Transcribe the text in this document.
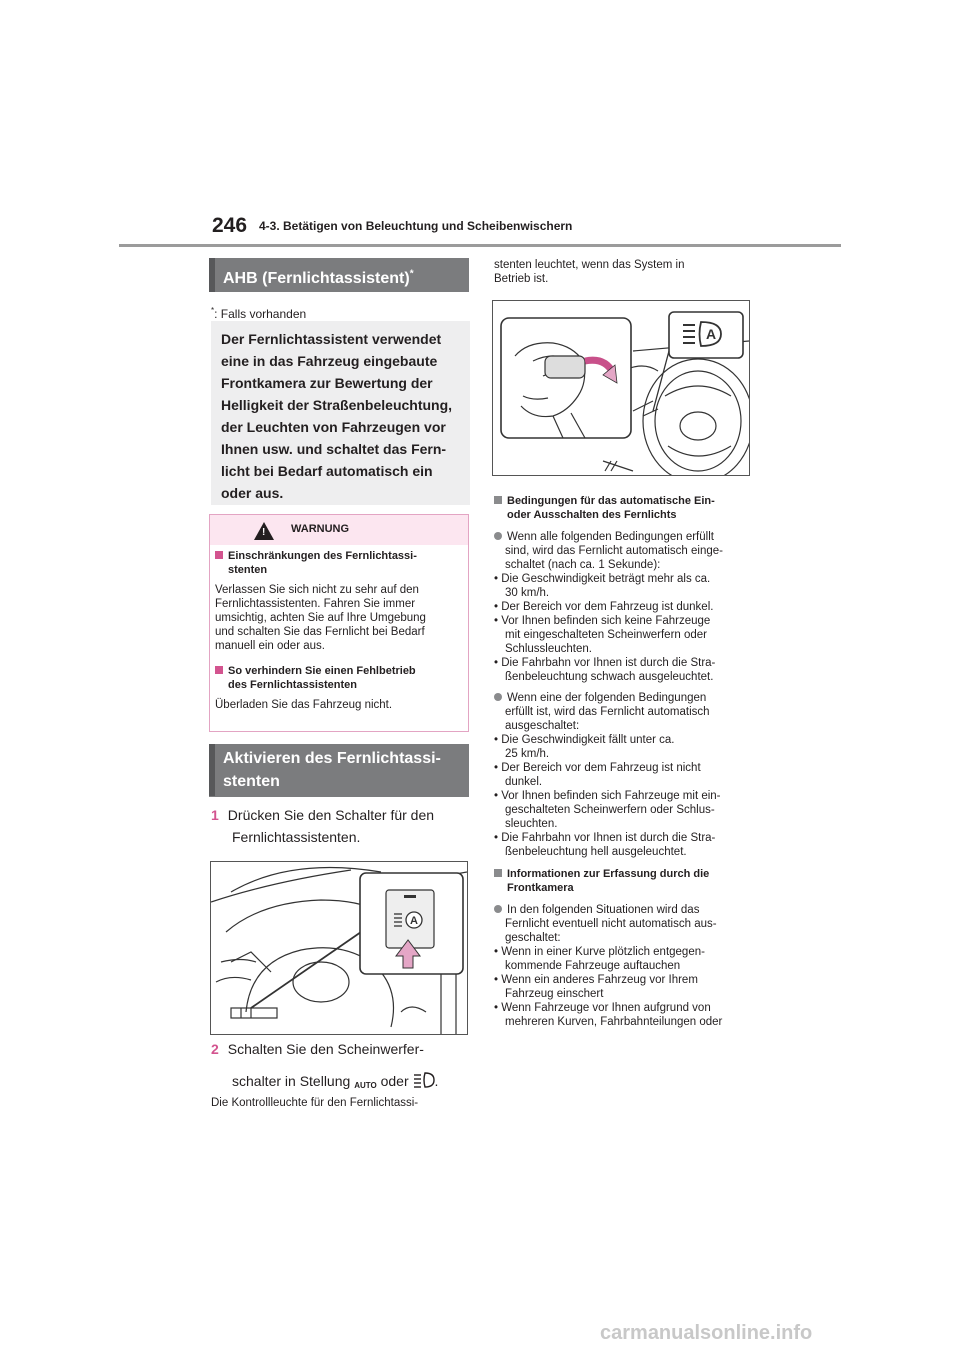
246 4-3. Betätigen von Beleuchtung und Scheibenwischern
AHB (Fernlichtassistent)*
*: Falls vorhanden
Der Fernlichtassistent verwendet
eine in das Fahrzeug eingebaute
Frontkamera zur Bewertung der
Helligkeit der Straßenbeleuchtung,
der Leuchten von Fahrzeugen vor
Ihnen usw. und schaltet das Fern-
licht bei Bedarf automatisch ein
oder aus.
! WARNUNG
Einschränkungen des Fernlichtassi-
stenten
Verlassen Sie sich nicht zu sehr auf den
Fernlichtassistenten. Fahren Sie immer
umsichtig, achten Sie auf Ihre Umgebung
und schalten Sie das Fernlicht bei Bedarf
manuell ein oder aus.
So verhindern Sie einen Fehlbetrieb
des Fernlichtassistenten
Überladen Sie das Fahrzeug nicht.
Aktivieren des Fernlichtassi-
stenten
1 Drücken Sie den Schalter für den
Fernlichtassistenten.
A
2 Schalten Sie den Scheinwerfer-
schalter in Stellung AUTO oder .
Die Kontrollleuchte für den Fernlichtassi-
stenten leuchtet, wenn das System in
Betrieb ist.
A
Bedingungen für das automatische Ein-
oder Ausschalten des Fernlichts
Wenn alle folgenden Bedingungen erfüllt
sind, wird das Fernlicht automatisch einge-
schaltet (nach ca. 1 Sekunde):
• Die Geschwindigkeit beträgt mehr als ca.
30 km/h.
• Der Bereich vor dem Fahrzeug ist dunkel.
• Vor Ihnen befinden sich keine Fahrzeuge
mit eingeschalteten Scheinwerfern oder
Schlussleuchten.
• Die Fahrbahn vor Ihnen ist durch die Stra-
ßenbeleuchtung schwach ausgeleuchtet.
Wenn eine der folgenden Bedingungen
erfüllt ist, wird das Fernlicht automatisch
ausgeschaltet:
• Die Geschwindigkeit fällt unter ca.
25 km/h.
• Der Bereich vor dem Fahrzeug ist nicht
dunkel.
• Vor Ihnen befinden sich Fahrzeuge mit ein-
geschalteten Scheinwerfern oder Schlus-
sleuchten.
• Die Fahrbahn vor Ihnen ist durch die Stra-
ßenbeleuchtung hell ausgeleuchtet.
Informationen zur Erfassung durch die
Frontkamera
In den folgenden Situationen wird das
Fernlicht eventuell nicht automatisch aus-
geschaltet:
• Wenn in einer Kurve plötzlich entgegen-
kommende Fahrzeuge auftauchen
• Wenn ein anderes Fahrzeug vor Ihrem
Fahrzeug einschert
• Wenn Fahrzeuge vor Ihnen aufgrund von
mehreren Kurven, Fahrbahnteilungen oder
carmanualsonline.info
